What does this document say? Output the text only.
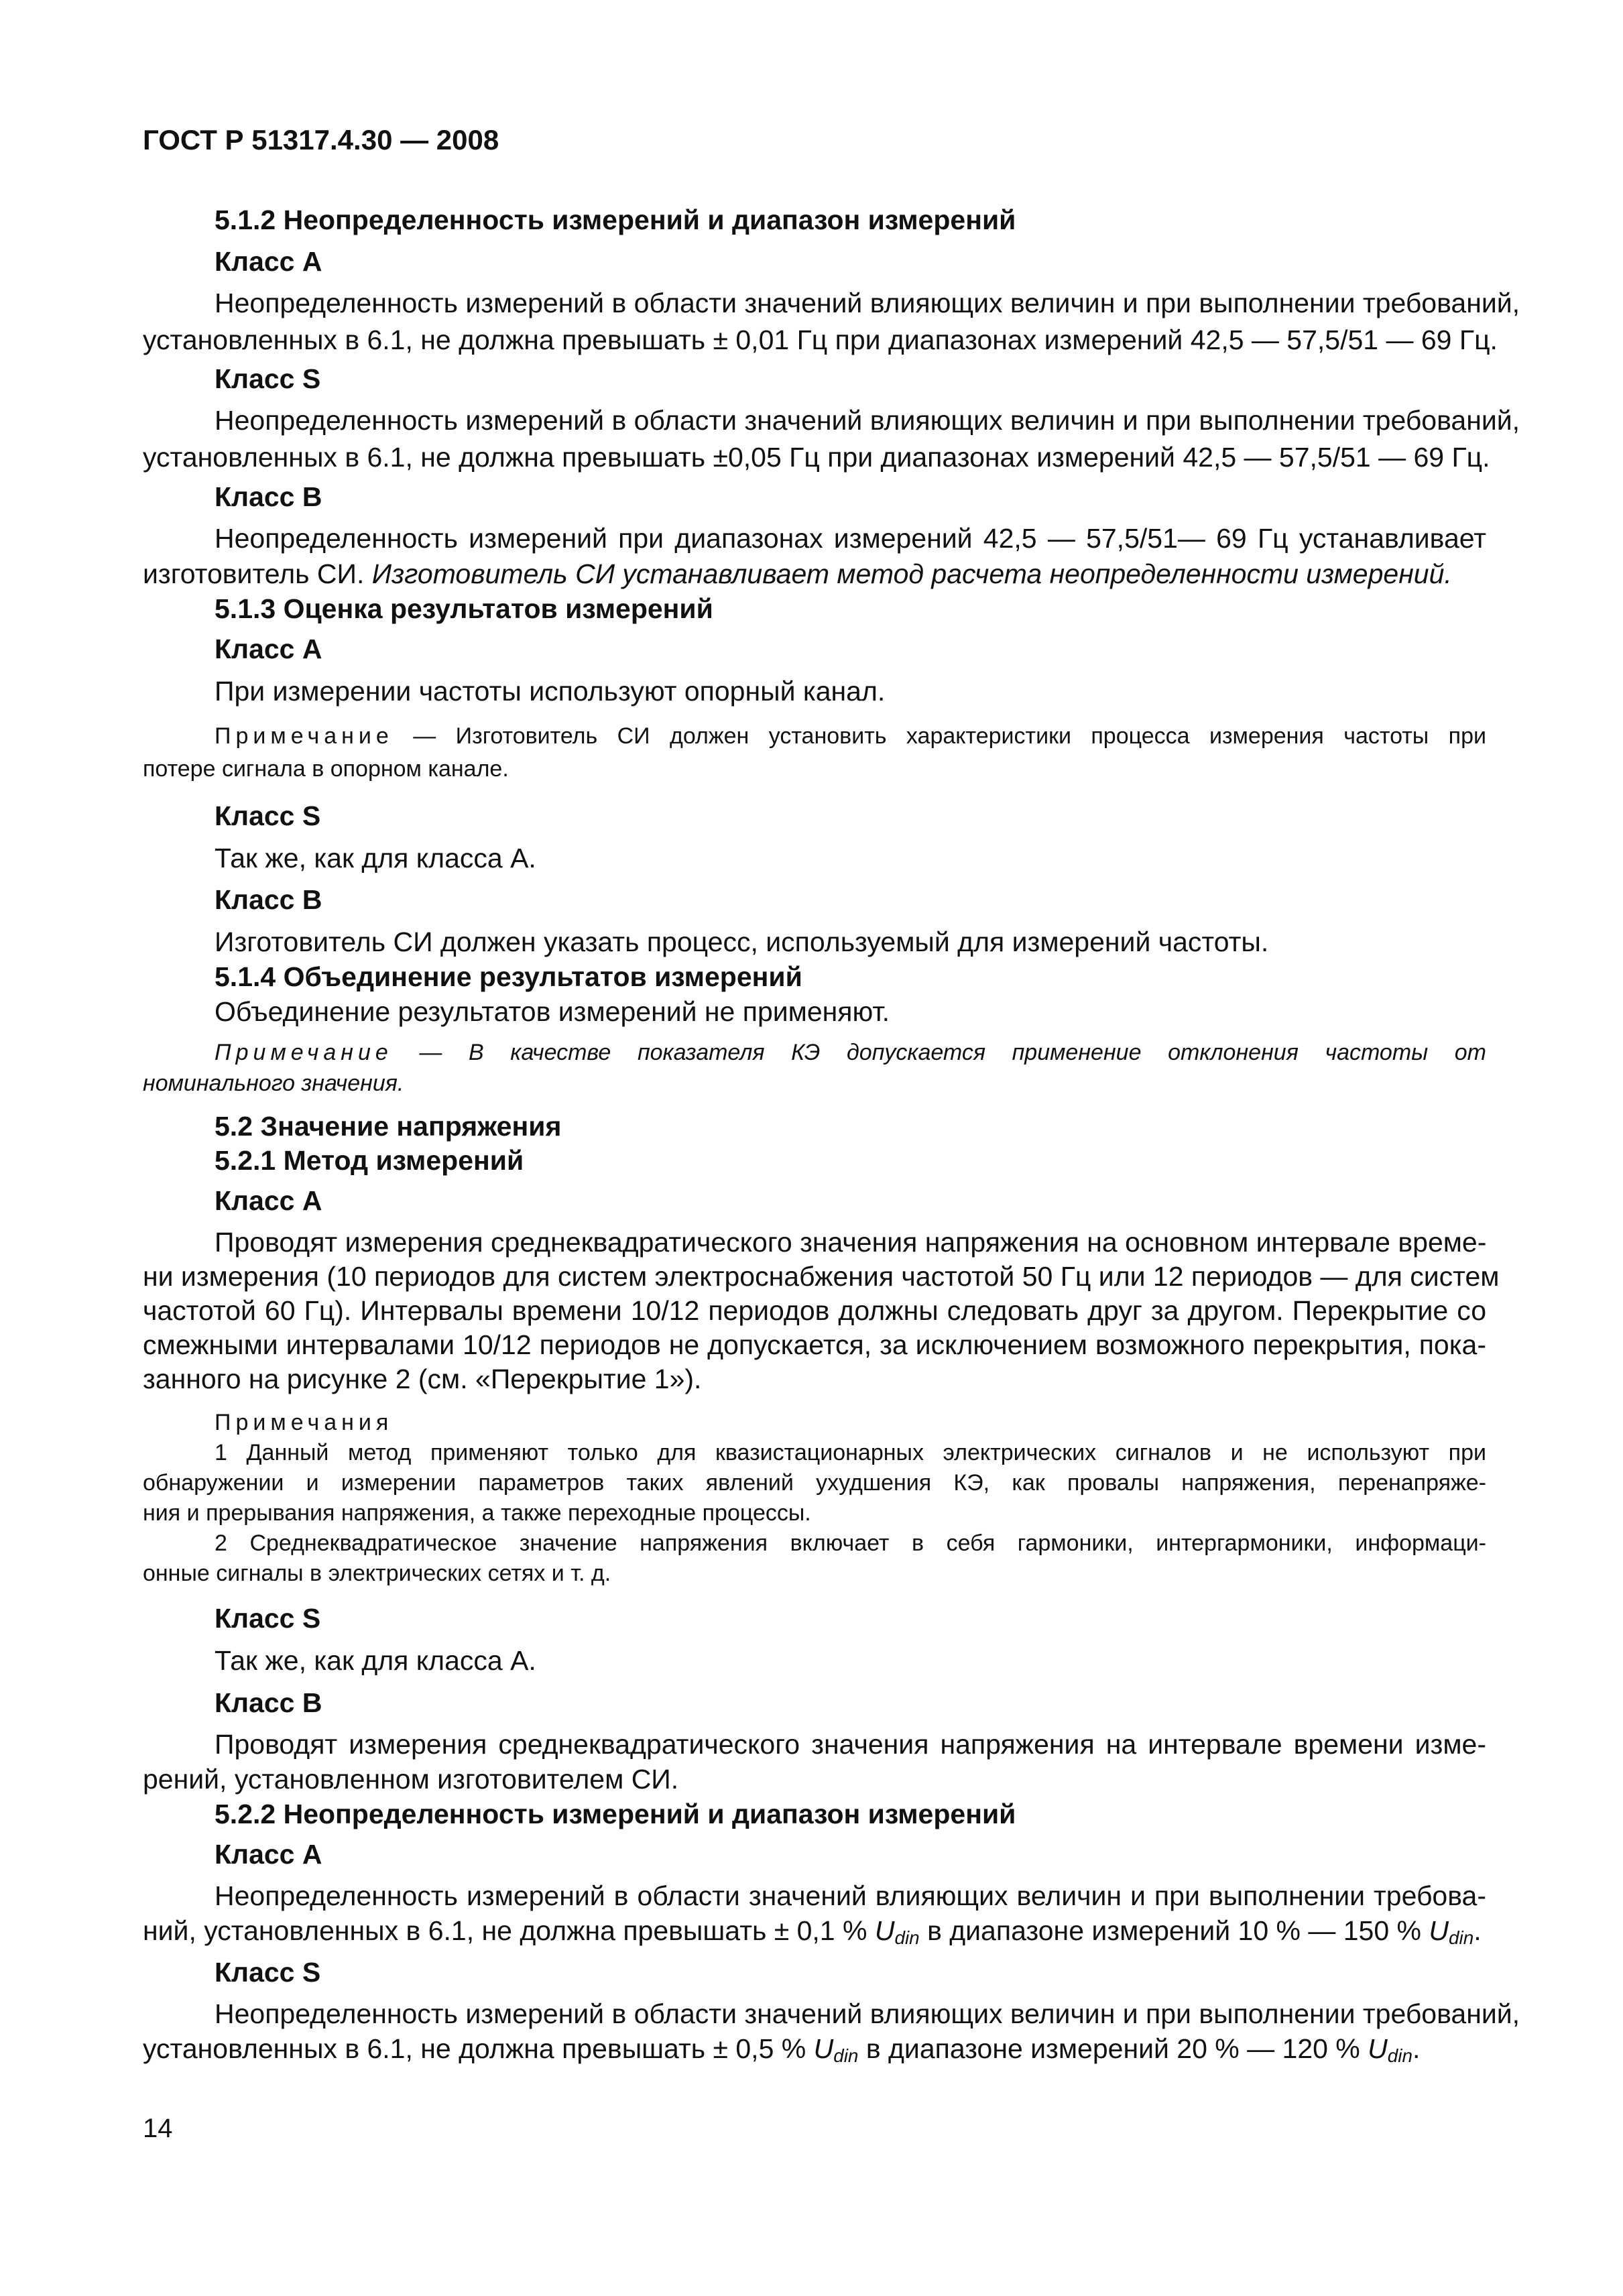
ГОСТ Р 51317.4.30 — 2008
5.1.2 Неопределенность измерений и диапазон измерений
Класс А
Неопределенность измерений в области значений влияющих величин и при выполнении требований,
установленных в 6.1, не должна превышать ± 0,01 Гц при диапазонах измерений 42,5 — 57,5/51 — 69 Гц.
Класс S
Неопределенность измерений в области значений влияющих величин и при выполнении требований,
установленных в 6.1, не должна превышать ±0,05 Гц при диапазонах измерений 42,5 — 57,5/51 — 69 Гц.
Класс В
Неопределенность измерений при диапазонах измерений 42,5 — 57,5/51— 69 Гц устанавливает
изготовитель СИ. Изготовитель СИ устанавливает метод расчета неопределенности измерений.
5.1.3 Оценка результатов измерений
Класс А
При измерении частоты используют опорный канал.
Примечание — Изготовитель СИ должен установить характеристики процесса измерения частоты при
потере сигнала в опорном канале.
Класс S
Так же, как для класса А.
Класс В
Изготовитель СИ должен указать процесс, используемый для измерений частоты.
5.1.4 Объединение результатов измерений
Объединение результатов измерений не применяют.
Примечание — В качестве показателя КЭ допускается применение отклонения частоты от
номинального значения.
5.2 Значение напряжения
5.2.1 Метод измерений
Класс А
Проводят измерения среднеквадратического значения напряжения на основном интервале време-
ни измерения (10 периодов для систем электроснабжения частотой 50 Гц или 12 периодов — для систем
частотой 60 Гц). Интервалы времени 10/12 периодов должны следовать друг за другом. Перекрытие со
смежными интервалами 10/12 периодов не допускается, за исключением возможного перекрытия, пока-
занного на рисунке 2 (см. «Перекрытие 1»).
Примечания
1 Данный метод применяют только для квазистационарных электрических сигналов и не используют при
обнаружении и измерении параметров таких явлений ухудшения КЭ, как провалы напряжения, перенапряже-
ния и прерывания напряжения, а также переходные процессы.
2 Среднеквадратическое значение напряжения включает в себя гармоники, интергармоники, информаци-
онные сигналы в электрических сетях и т. д.
Класс S
Так же, как для класса А.
Класс В
Проводят измерения среднеквадратического значения напряжения на интервале времени изме-
рений, установленном изготовителем СИ.
5.2.2 Неопределенность измерений и диапазон измерений
Класс А
Неопределенность измерений в области значений влияющих величин и при выполнении требова-
ний, установленных в 6.1, не должна превышать ± 0,1 % $U_{din}$ в диапазоне измерений 10 % — 150 % $U_{din}$.
Класс S
Неопределенность измерений в области значений влияющих величин и при выполнении требований,
установленных в 6.1, не должна превышать ± 0,5 % $U_{din}$ в диапазоне измерений 20 % — 120 % $U_{din}$.
14
